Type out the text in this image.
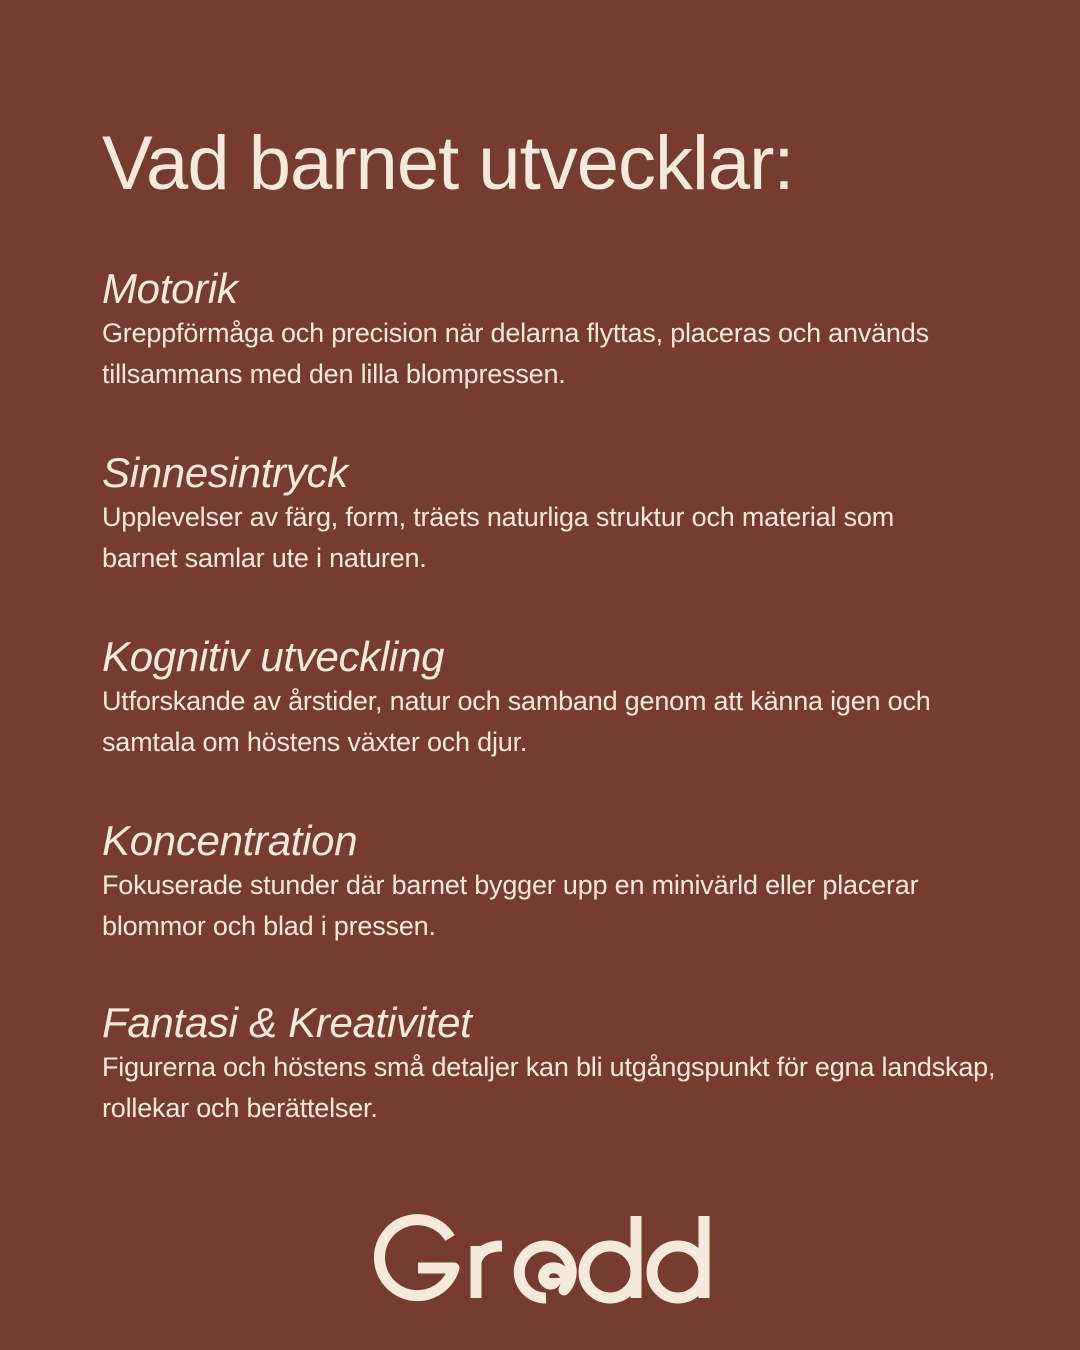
Vad barnet utvecklar:
Motorik

Greppförmåga och precision när delarna flyttas, placeras och används tillsammans med den lilla blompressen.

Sinnesintryck

Upplevelser av färg, form, träets naturliga struktur och material som barnet samlar ute i naturen.

Kognitiv utveckling

Utforskande av årstider, natur och samband genom att känna igen och samtala om höstens växter och djur.

Koncentration

Fokuserade stunder där barnet bygger upp en minivärld eller placerar blommor och blad i pressen.

Fantasi & Kreativitet

Figurerna och höstens små detaljer kan bli utgångspunkt för egna landskap, rollekar och berättelser.
